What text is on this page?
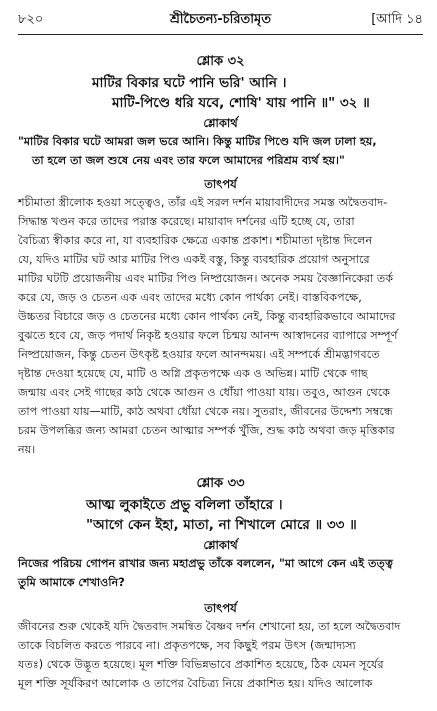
৮২০	শ্রীচৈতন্য-চরিতামৃত	[আদি ১৪
শ্লোক ৩২
মাটির বিকার ঘটে পানি ভরি' আনি ।
মাটি-পিণ্ডে ধরি যবে, শোষি' যায় পানি ॥" ৩২ ॥
শ্লোকার্থ
"মাটির বিকার ঘটে আমরা জল ভরে আনি। কিন্তু মাটির পিণ্ডে যদি জল ঢালা হয়,
তা হলে তা জল শুষে নেয় এবং তার ফলে আমাদের পরিশ্রম ব্যর্থ হয়।"
তাৎপর্য
শচীমাতা স্ত্রীলোক হওয়া সত্ত্বেও, তাঁর এই সরল দর্শন মায়াবাদীদের সমস্ত অদ্বৈতবাদ-
সিদ্ধান্ত খণ্ডন করে তাদের পরাস্ত করেছে। মায়াবাদ দর্শনের এটি হচ্ছে যে, তারা
বৈচিত্র্য স্বীকার করে না, যা ব্যবহারিক ক্ষেত্রে একান্ত প্রকাশ। শচীমাতা দৃষ্টান্ত দিলেন
যে, যদিও মাটির ঘট আর মাটির পিণ্ড একই বস্তু, কিন্তু ব্যবহারিক প্রয়োগ অনুসারে
মাটির ঘটটি প্রয়োজনীয় এবং মাটির পিণ্ড নিষ্প্রয়োজন। অনেক সময় বৈজ্ঞানিকেরা তর্ক
করে যে, জড় ও চেতন এক এবং তাদের মধ্যে কোন পার্থক্য নেই। বাস্তবিকপক্ষে,
উচ্চতর বিচারে জড় ও চেতনের মধ্যে কোন পার্থক্য নেই, কিন্তু ব্যবহারিকভাবে আমাদের
বুঝতে হবে যে, জড় পদার্থ নিকৃষ্ট হওয়ার ফলে চিন্ময় আনন্দ আস্বাদনের ব্যাপারে সম্পূর্ণ
নিষ্প্রয়োজন, কিন্তু চেতন উৎকৃষ্ট হওয়ার ফলে আনন্দময়। এই সম্পর্কে শ্রীমদ্ভাগবতে
দৃষ্টান্ত দেওয়া হয়েছে যে, মাটি ও অগ্নি প্রকৃতপক্ষে এক ও অভিন্ন। মাটি থেকে গাছ
জন্মায় এবং সেই গাছের কাঠ থেকে আগুন ও ধোঁয়া পাওয়া যায়। তবুও, আগুন থেকে
তাপ পাওয়া যায়—মাটি, কাঠ অথবা ধোঁয়া থেকে নয়। সুতরাং, জীবনের উদ্দেশ্য সম্বন্ধে
চরম উপলব্ধির জন্য আমরা চেতন আত্মার সম্পর্ক খুঁজি, শুদ্ধ কাঠ অথবা জড় মৃত্তিকার
নয়।
শ্লোক ৩৩
আত্ম লুকাইতে প্রভু বলিলা তাঁহারে ।
"আগে কেন ইহা, মাতা, না শিখালে মোরে ॥ ৩৩ ॥
শ্লোকার্থ
নিজের পরিচয় গোপন রাখার জন্য মহাপ্রভু তাঁকে বললেন, "মা আগে কেন এই তত্ত্ব
তুমি আমাকে শেখাওনি?
তাৎপর্য
জীবনের শুরু থেকেই যদি দ্বৈতবাদ সমন্বিত বৈষ্ণব দর্শন শেখানো হয়, তা হলে অদ্বৈতবাদ
তাকে বিচলিত করতে পারবে না। প্রকৃতপক্ষে, সব কিছুই পরম উৎস (জন্মাদ্যস্য
যতঃ) থেকে উদ্ভূত হয়েছে। মূল শক্তি বিভিন্নভাবে প্রকাশিত হয়েছে, ঠিক যেমন সূর্যের
মূল শক্তি সূর্যকিরণ আলোক ও তাপের বৈচিত্র্য নিয়ে প্রকাশিত হয়। যদিও আলোক
